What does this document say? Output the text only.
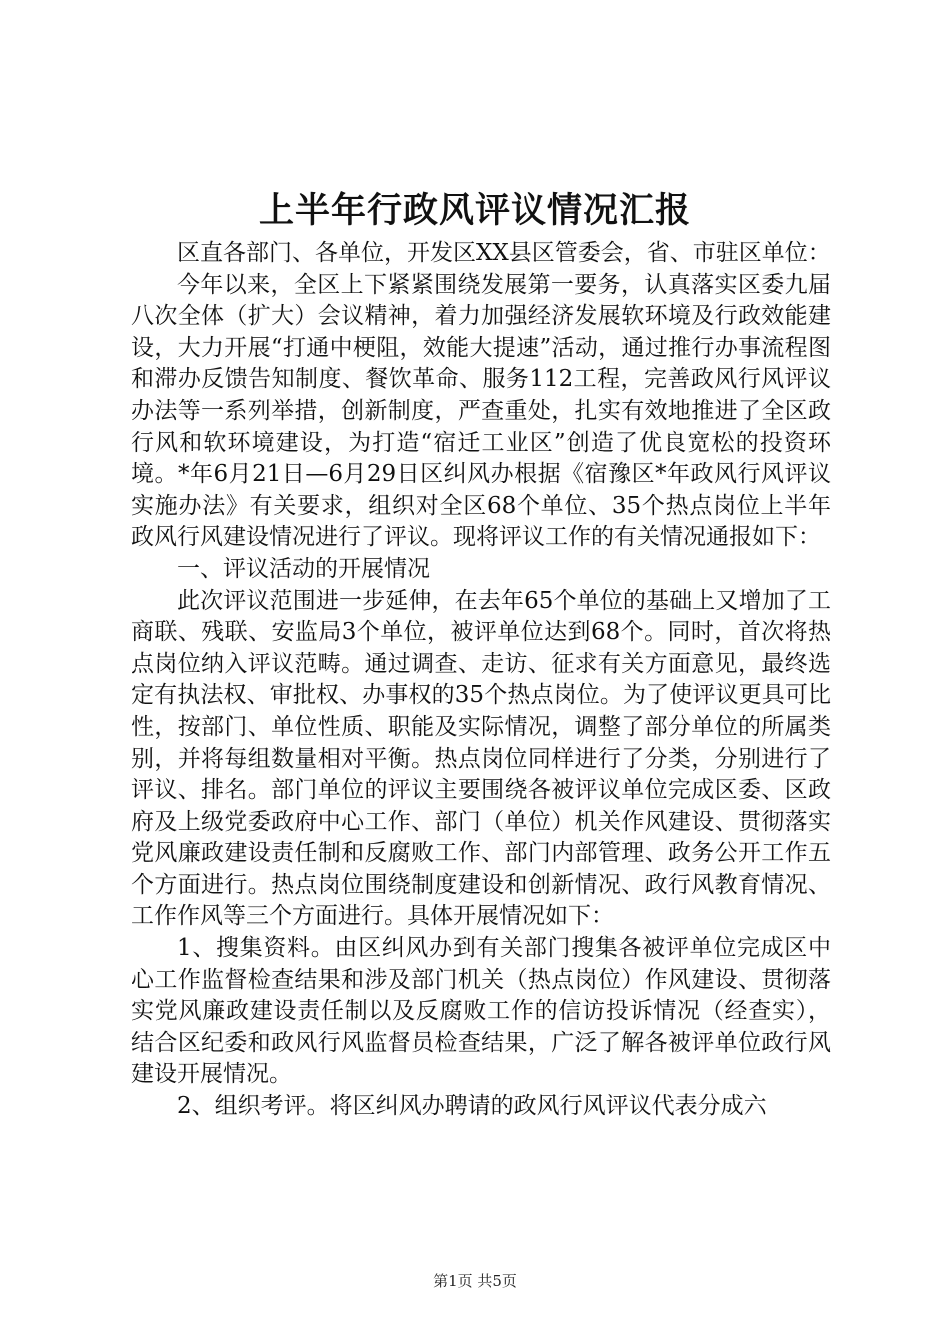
上半年行政风评议情况汇报

区直各部门、各单位，开发区XX县区管委会，省、市驻区单位：

今年以来，全区上下紧紧围绕发展第一要务，认真落实区委九届八次全体（扩大）会议精神，着力加强经济发展软环境及行政效能建设，大力开展“打通中梗阻，效能大提速”活动，通过推行办事流程图和滞办反馈告知制度、餐饮革命、服务112工程，完善政风行风评议办法等一系列举措，创新制度，严查重处，扎实有效地推进了全区政行风和软环境建设，为打造“宿迁工业区”创造了优良宽松的投资环境。*年6月21日—6月29日区纠风办根据《宿豫区*年政风行风评议实施办法》有关要求，组织对全区68个单位、35个热点岗位上半年政风行风建设情况进行了评议。现将评议工作的有关情况通报如下：

一、评议活动的开展情况

此次评议范围进一步延伸，在去年65个单位的基础上又增加了工商联、残联、安监局3个单位，被评单位达到68个。同时，首次将热点岗位纳入评议范畴。通过调查、走访、征求有关方面意见，最终选定有执法权、审批权、办事权的35个热点岗位。为了使评议更具可比性，按部门、单位性质、职能及实际情况，调整了部分单位的所属类别，并将每组数量相对平衡。热点岗位同样进行了分类，分别进行了评议、排名。部门单位的评议主要围绕各被评议单位完成区委、区政府及上级党委政府中心工作、部门（单位）机关作风建设、贯彻落实党风廉政建设责任制和反腐败工作、部门内部管理、政务公开工作五个方面进行。热点岗位围绕制度建设和创新情况、政行风教育情况、工作作风等三个方面进行。具体开展情况如下：

1、搜集资料。由区纠风办到有关部门搜集各被评单位完成区中心工作监督检查结果和涉及部门机关（热点岗位）作风建设、贯彻落实党风廉政建设责任制以及反腐败工作的信访投诉情况（经查实），结合区纪委和政风行风监督员检查结果，广泛了解各被评单位政行风建设开展情况。

2、组织考评。将区纠风办聘请的政风行风评议代表分成六

第1页 共5页
